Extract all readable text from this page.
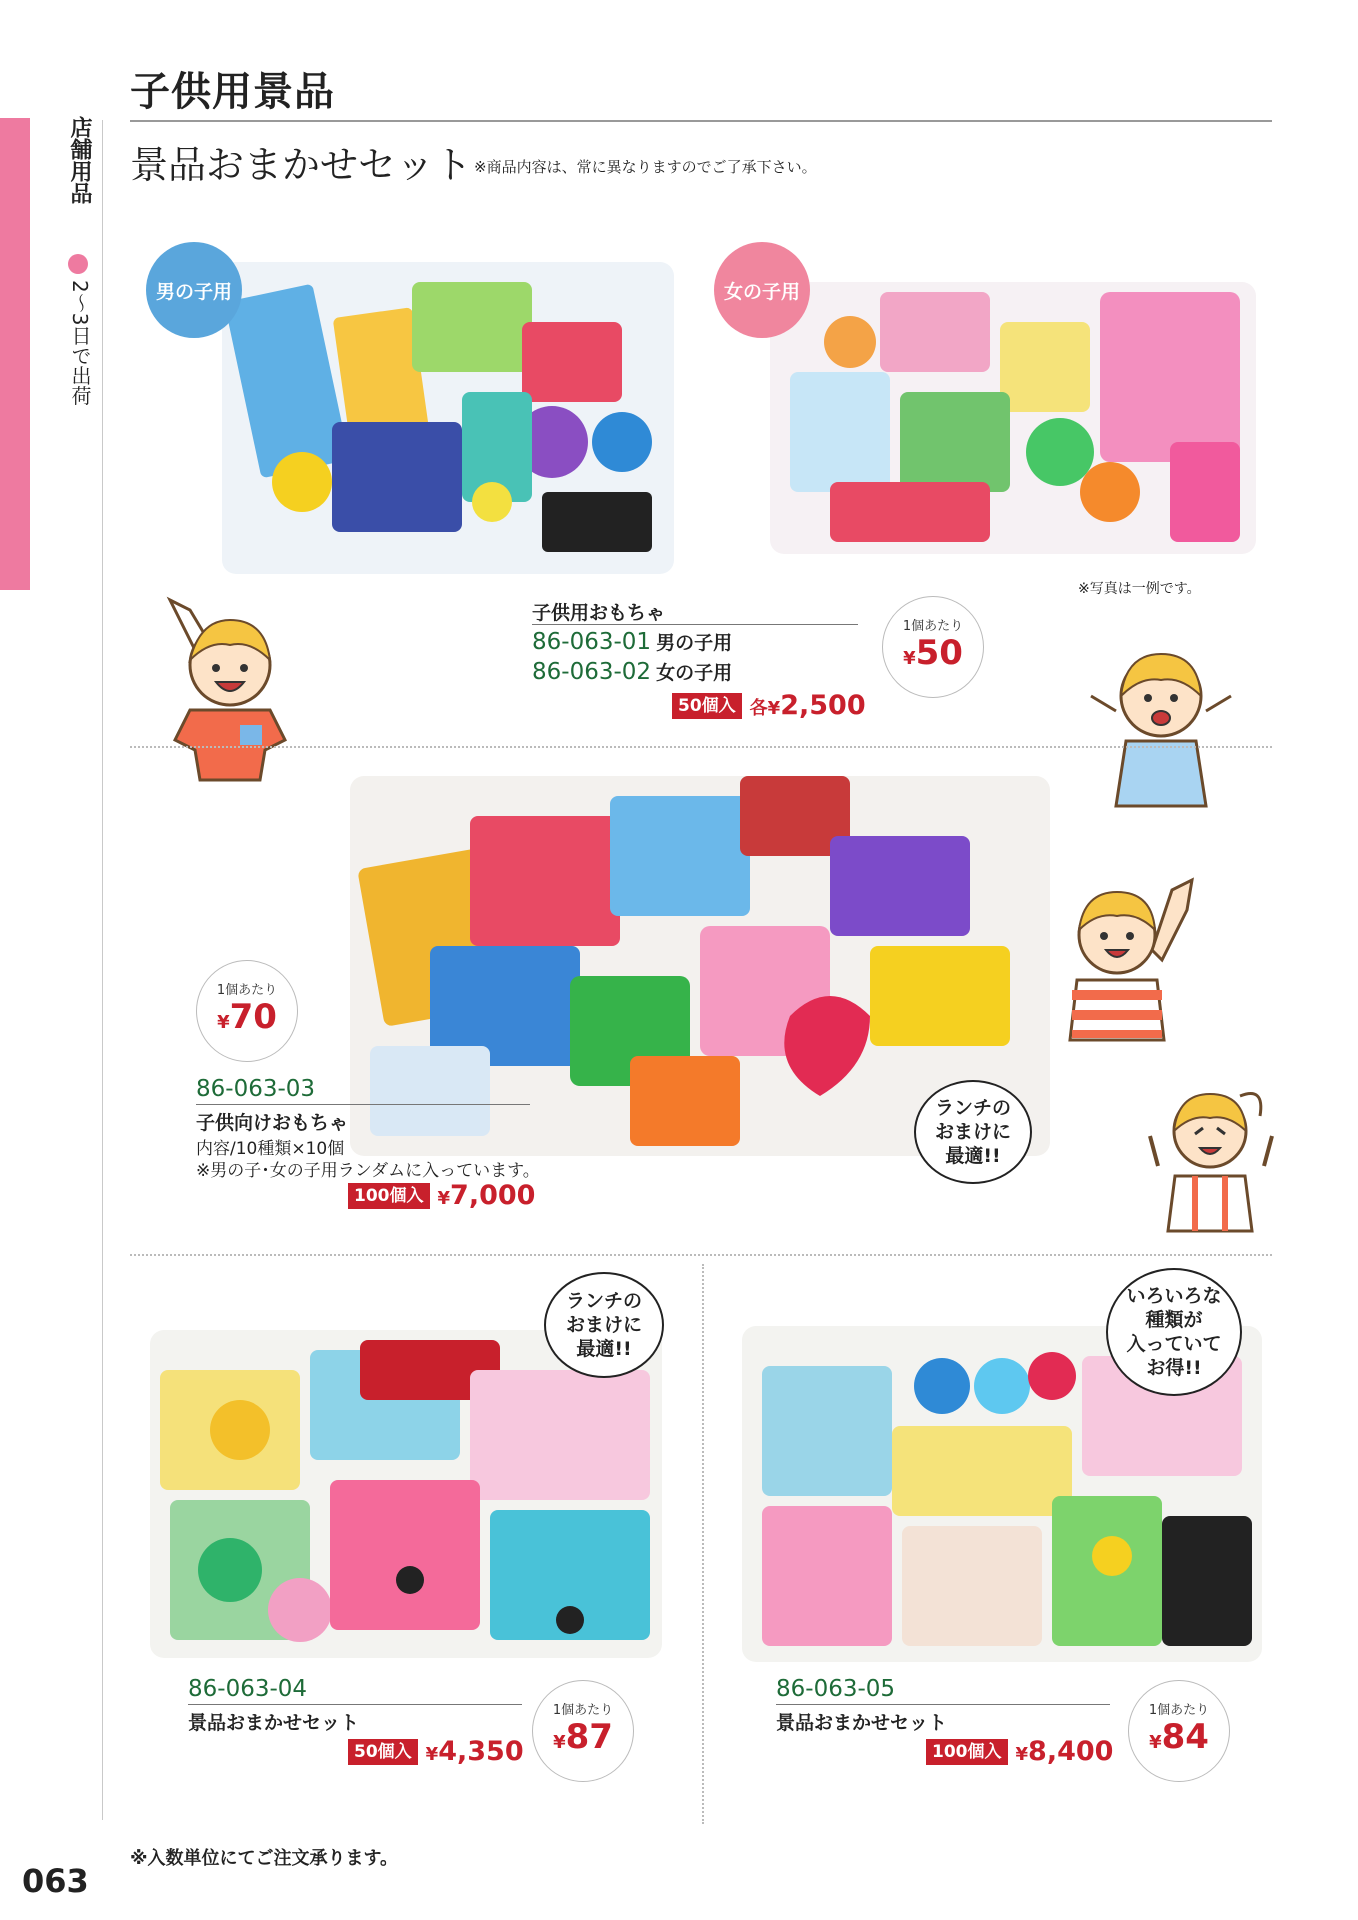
店舗用品
2〜3日で出荷
子供用景品
景品おまかせセット ※商品内容は、常に異なりますのでご了承下さい。
男の子用	女の子用
※写真は一例です。
子供用おもちゃ
86-063-01 男の子用
86-063-02 女の子用
50個入 各¥2,500
1個あたり
¥50
1個あたり
¥70
86-063-03
子供向けおもちゃ
内容/10種類×10個
※男の子･女の子用ランダムに入っています。
100個入 ¥7,000
ランチの
おまけに
最適!!
ランチの
おまけに
最適!!
86-063-04
景品おまかせセット
50個入 ¥4,350
1個あたり
¥87
いろいろな
種類が
入っていて
お得!!
86-063-05
景品おまかせセット
100個入 ¥8,400
1個あたり
¥84
※入数単位にてご注文承ります。
063
